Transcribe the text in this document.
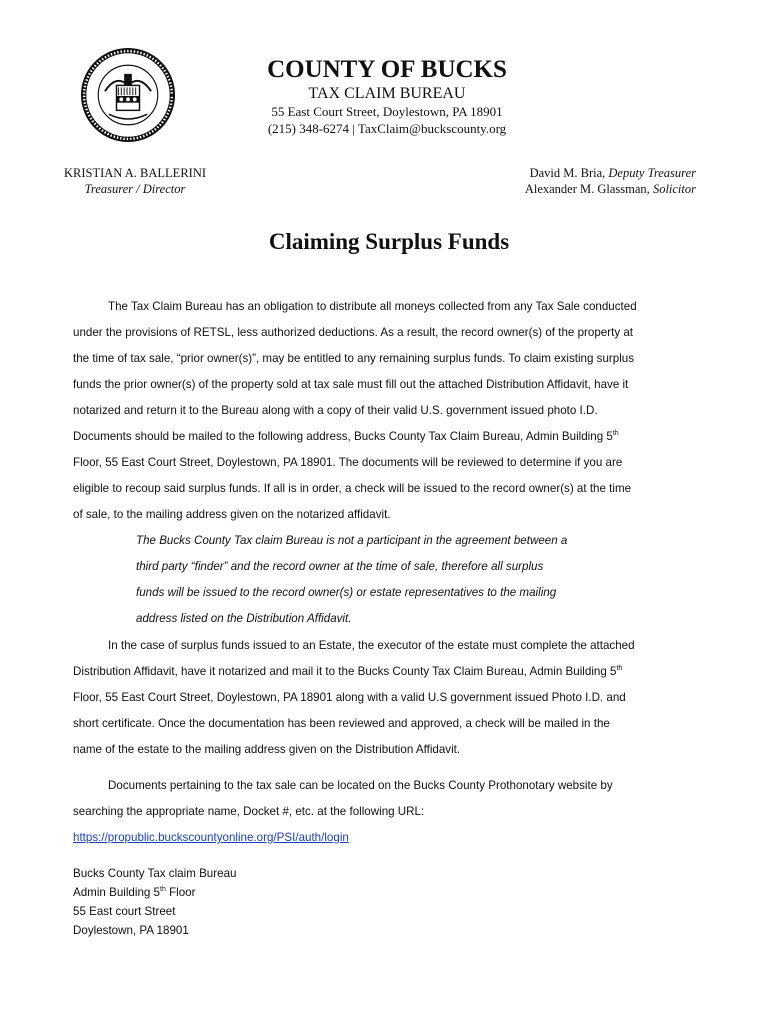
COUNTY OF BUCKS
TAX CLAIM BUREAU
55 East Court Street, Doylestown, PA 18901
(215) 348-6274 | TaxClaim@buckscounty.org
KRISTIAN A. BALLERINI
Treasurer / Director
David M. Bria, Deputy Treasurer
Alexander M. Glassman, Solicitor
Claiming Surplus Funds
The Tax Claim Bureau has an obligation to distribute all moneys collected from any Tax Sale conducted
under the provisions of RETSL, less authorized deductions. As a result, the record owner(s) of the property at
the time of tax sale, “prior owner(s)”, may be entitled to any remaining surplus funds. To claim existing surplus
funds the prior owner(s) of the property sold at tax sale must fill out the attached Distribution Affidavit, have it
notarized and return it to the Bureau along with a copy of their valid U.S. government issued photo I.D.
Documents should be mailed to the following address, Bucks County Tax Claim Bureau, Admin Building 5th
Floor, 55 East Court Street, Doylestown, PA 18901. The documents will be reviewed to determine if you are
eligible to recoup said surplus funds. If all is in order, a check will be issued to the record owner(s) at the time
of sale, to the mailing address given on the notarized affidavit.
The Bucks County Tax claim Bureau is not a participant in the agreement between a
third party “finder” and the record owner at the time of sale, therefore all surplus
funds will be issued to the record owner(s) or estate representatives to the mailing
address listed on the Distribution Affidavit.
In the case of surplus funds issued to an Estate, the executor of the estate must complete the attached
Distribution Affidavit, have it notarized and mail it to the Bucks County Tax Claim Bureau, Admin Building 5th
Floor, 55 East Court Street, Doylestown, PA 18901 along with a valid U.S government issued Photo I.D. and
short certificate. Once the documentation has been reviewed and approved, a check will be mailed in the
name of the estate to the mailing address given on the Distribution Affidavit.
Documents pertaining to the tax sale can be located on the Bucks County Prothonotary website by
searching the appropriate name, Docket #, etc. at the following URL:
Bucks County Tax claim Bureau
Admin Building 5th Floor
55 East court Street
Doylestown, PA 18901
https://propublic.buckscountyonline.org/PSI/auth/login
